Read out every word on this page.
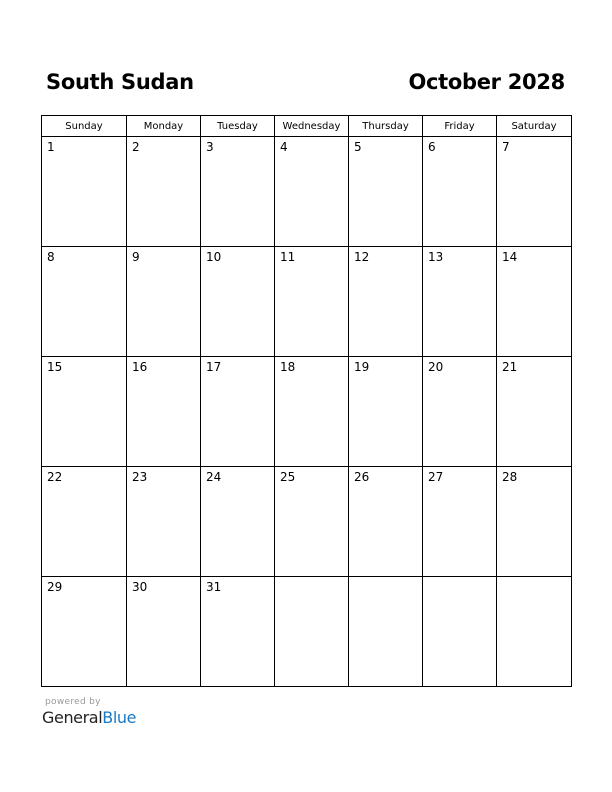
South Sudan	October 2028
Sunday	Monday	Tuesday	Wednesday	Thursday	Friday	Saturday

1	2	3	4	5	6	7

8	9	10	11	12	13	14

15	16	17	18	19	20	21

22	23	24	25	26	27	28

29	30	31				

powered by
GeneralBlue
